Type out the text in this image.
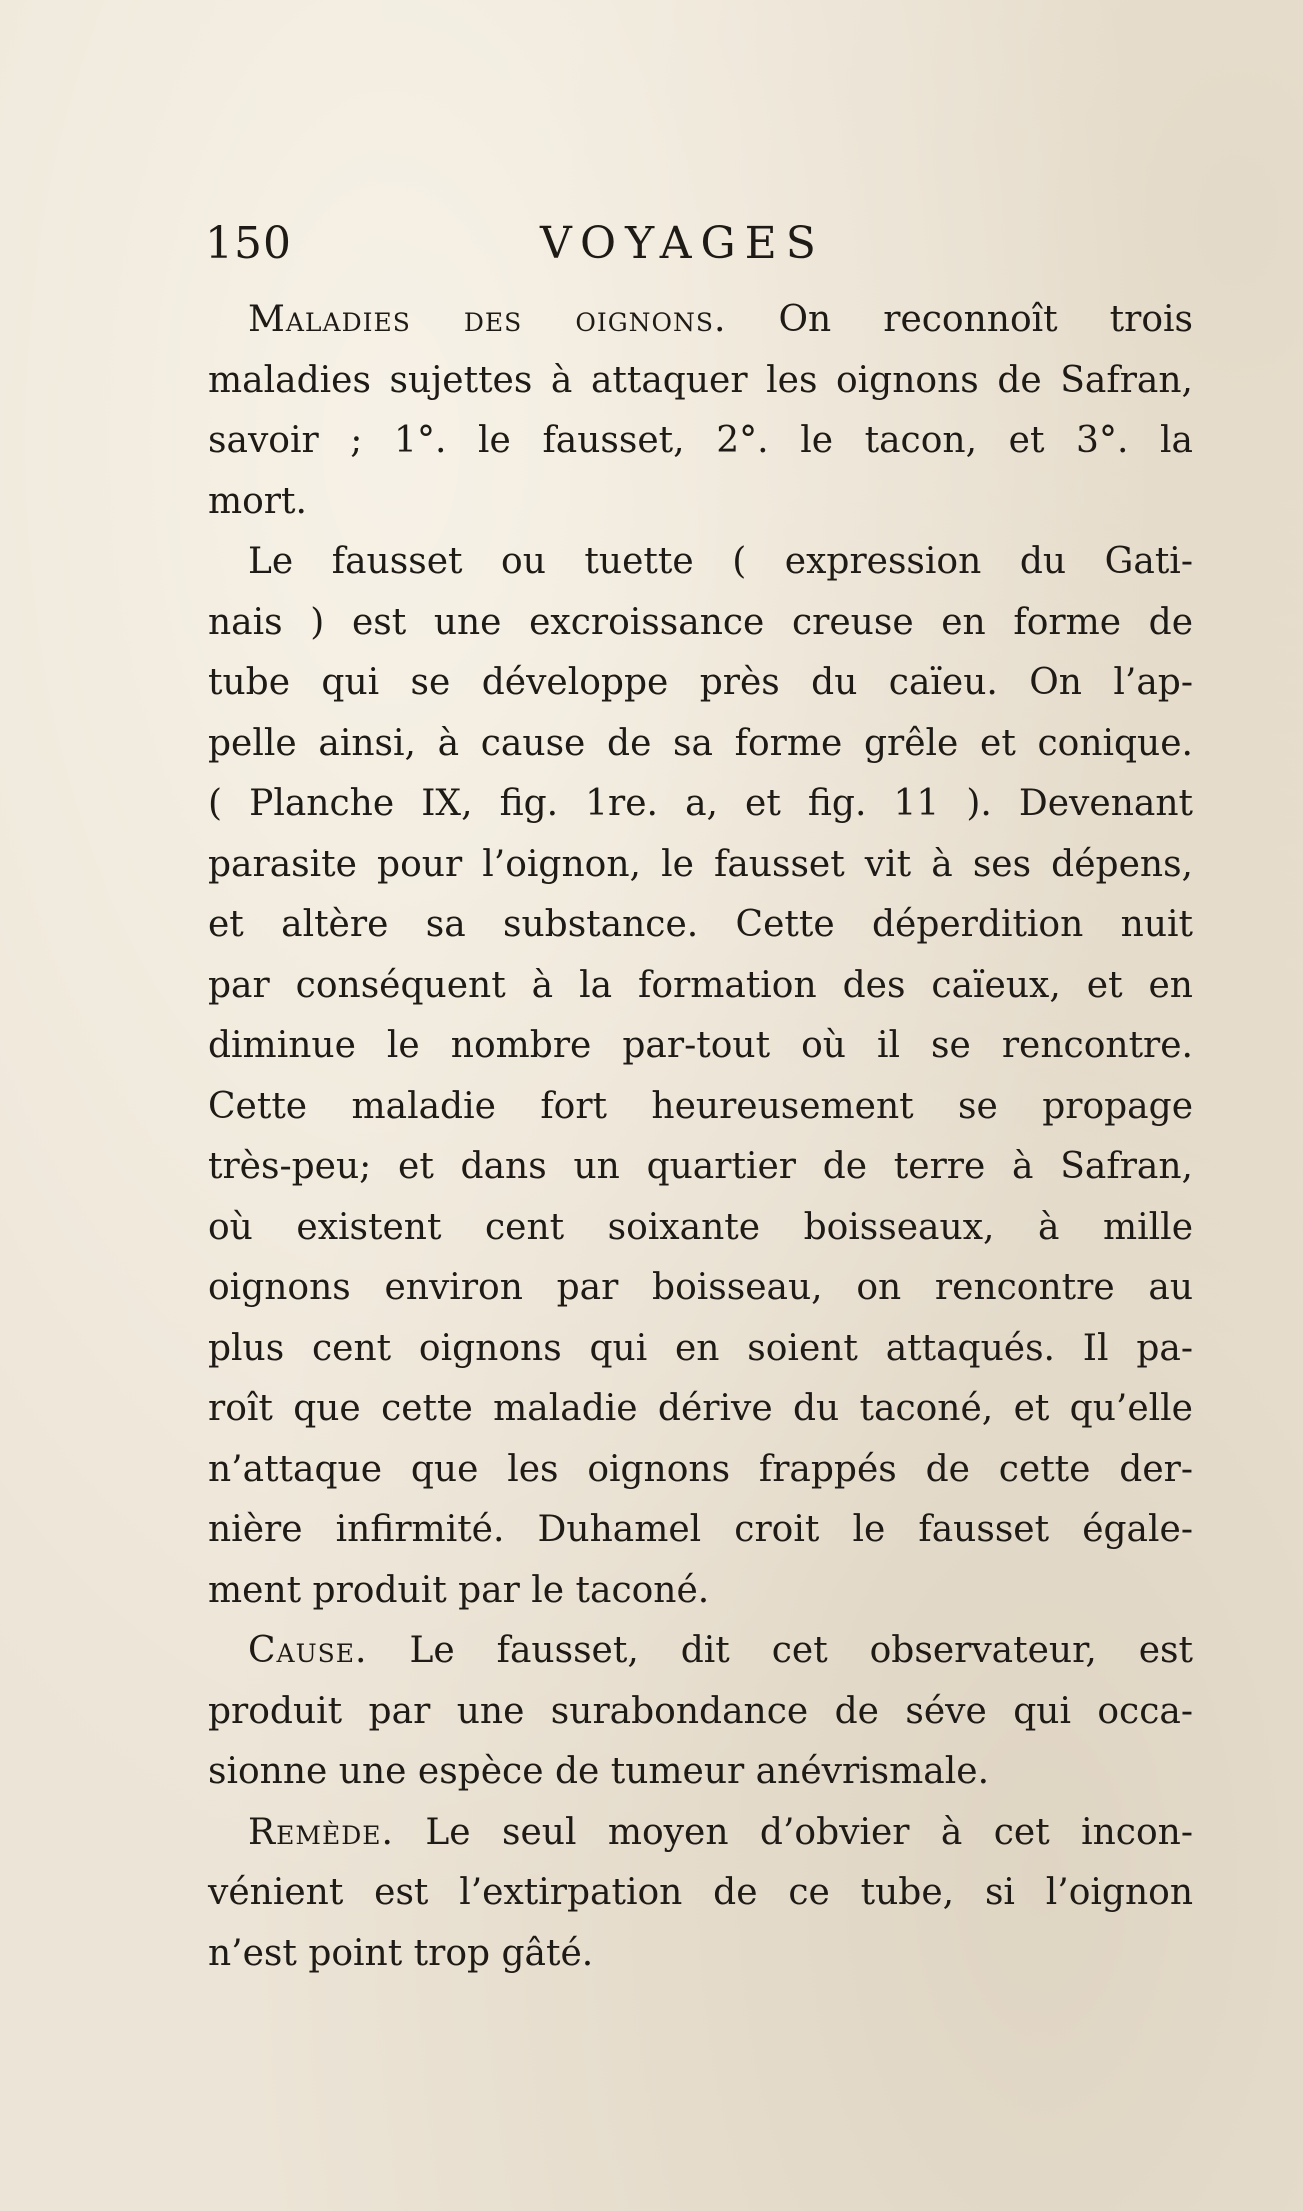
150	VOYAGES
Maladies des oignons. On reconnoît trois
maladies sujettes à attaquer les oignons de Safran,
savoir ; 1°. le fausset, 2°. le tacon, et 3°. la
mort.
Le fausset ou tuette ( expression du Gati-
nais ) est une excroissance creuse en forme de
tube qui se développe près du caïeu. On l’ap-
pelle ainsi, à cause de sa forme grêle et conique.
( Planche IX, fig. 1re. a, et fig. 11 ). Devenant
parasite pour l’oignon, le fausset vit à ses dépens,
et altère sa substance. Cette déperdition nuit
par conséquent à la formation des caïeux, et en
diminue le nombre par-tout où il se rencontre.
Cette maladie fort heureusement se propage
très-peu; et dans un quartier de terre à Safran,
où existent cent soixante boisseaux, à mille
oignons environ par boisseau, on rencontre au
plus cent oignons qui en soient attaqués. Il pa-
roît que cette maladie dérive du taconé, et qu’elle
n’attaque que les oignons frappés de cette der-
nière infirmité. Duhamel croit le fausset égale-
ment produit par le taconé.
Cause. Le fausset, dit cet observateur, est
produit par une surabondance de séve qui occa-
sionne une espèce de tumeur anévrismale.
Remède. Le seul moyen d’obvier à cet incon-
vénient est l’extirpation de ce tube, si l’oignon
n’est point trop gâté.
